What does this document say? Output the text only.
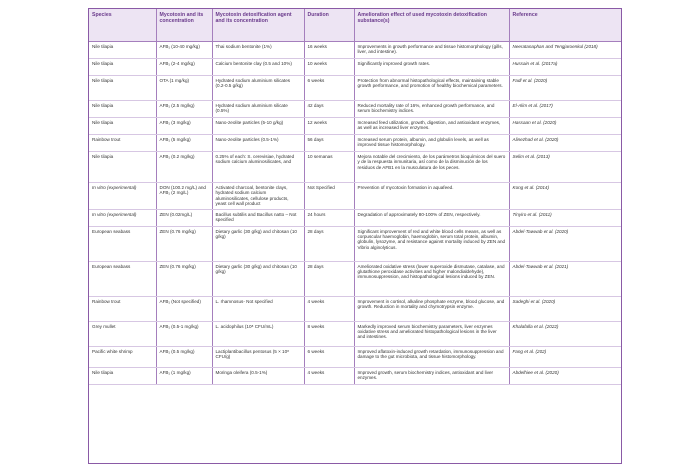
Species	Mycotoxin and its concentration	Mycotoxin detoxification agent and its concentration	Duration	Amelioration effect of used mycotoxin detoxification substance(s)	Reference
Nile tilapia	AFB₁ (10-40 mg/kg)	Thai sodium bentonite (1%)	16 weeks	Improvements in growth performance and tissue histomorphology (gills, liver, and intestine).	Neeratanaphan and Tengjaroenkul (2018)
Nile tilapia	AFB₁ (2-4 mg/kg)	Calcium bentonite clay (0.5 and 10%)	10 weeks	Significantly improved growth rates.	Hussain et al. (2017a)
Nile tilapia	OTA (1 mg/kg)	Hydrated sodium aluminium silicates (0.2-0.5 g/kg)	6 weeks	Protection from abnormal histopathological effects, maintaining stable growth performance, and promotion of healthy biochemical parameters.	Fadl et al. (2020)
Nile tilapia	AFB₁ (2.5 mg/kg)	Hydrated sodium aluminium silicate (0.5%)	42 days	Reduced mortality rate of 16%, enhanced growth performance, and serum biochemistry indices.	El-Alim et al. (2017)
Nile tilapia	AFB₁ (3 mg/kg)	Nano-zeolite particles (5-10 g/kg)	12 weeks	Increased feed utilization, growth, digestion, and antioxidant enzymes, as well as increased liver enzymes.	Hassaan et al. (2020)
Rainbow trout	AFB₁ (5 mg/kg)	Nano-zeolite particles (0.5-1%)	56 days	Increased serum protein, albumin, and globulin levels, as well as improved tissue histomorphology.	Alinezhad et al. (2020)
Nile tilapia	AFB₁ (0.2 mg/kg)	0.25% of each: S. cerevisiae, hydrated sodium calcium aluminosilicates, and	10 semanas	Mejora notable del crecimiento, de los parámetros bioquímicos del suero y de la respuesta inmunitaria, así como de la disminución de los residuos de AFB1 en la musculatura de los peces.	Selim et al. (2013)
In vitro (experimental)	DON (100.2 mg/L) and AFB₁ (2 mg/L)	Activated charcoal, bentonite clays, hydrated sodium calcium aluminosilicates, cellulose products, yeast cell wall product	Not Specified	Prevention of mycotoxin formation in aquafeed.	Kong et al. (2014)
In vitro (experimental)	ZEN (0.02mg/L)	Bacillus subtilis and Bacillus natto – Not specified	24 hours	Degradation of approximately 80-100% of ZEN, respectively.	Tinyiro et al. (2011)
European seabass	ZEN (0.76 mg/kg)	Dietary garlic (30 g/kg) and chitosan (10 g/kg)	28 days	Significant improvement of red and white blood cells means, as well as corpuscular haemoglobin, haemoglobin, serum total protein, albumin, globulin, lysozyme, and resistance against mortality induced by ZEN and Vibrio alginolyticus.	Abdel-Tawwab et al. (2020)
European seabass	ZEN (0.76 mg/kg)	Dietary garlic (30 g/kg) and chitosan (10 g/kg)	28 days	Ameliorated oxidative stress (lower superoxide dismutase, catalase, and glutathione peroxidase activities and higher malondialdehyde), immunosuppression, and histopathological lesions induced by ZEN.	Abdel-Tawwab et al. (2021)
Rainbow trout	AFB₁ (Not specified)	L. rhamnosus- Not specified	4 weeks	Improvement in cortisol, alkaline phosphate enzyme, blood glucose, and growth. Reduction in mortality and chymotrypsin enzyme.	Sadeghi et al. (2020)
Grey mullet	AFB₁ (0.5-1 mg/kg)	L. acidophilus (10⁸ CFU/mL)	8 weeks	Markedly improved serum biochemistry parameters, liver enzymes oxidative stress and ameliorated histopathological lesions in the liver and intestines.	Khalafalla et al. (2022)
Pacific white shrimp	AFB₁ (0.5 mg/kg)	Lactiplantibacillus pentosus (5 × 10⁸ CFU/g)	6 weeks	Improved aflatoxin-induced growth retardation, immunosuppression and damage to the gut microbiota, and tissue histomorphology.	Fang et al. (202)
Nile tilapia	AFB₁ (1 mg/kg)	Moringa oleifera (0.5-1%)	4 weeks	Improved growth, serum biochemistry indices, antioxidant and liver enzymes.	Abdelhiee et al. (2020)
